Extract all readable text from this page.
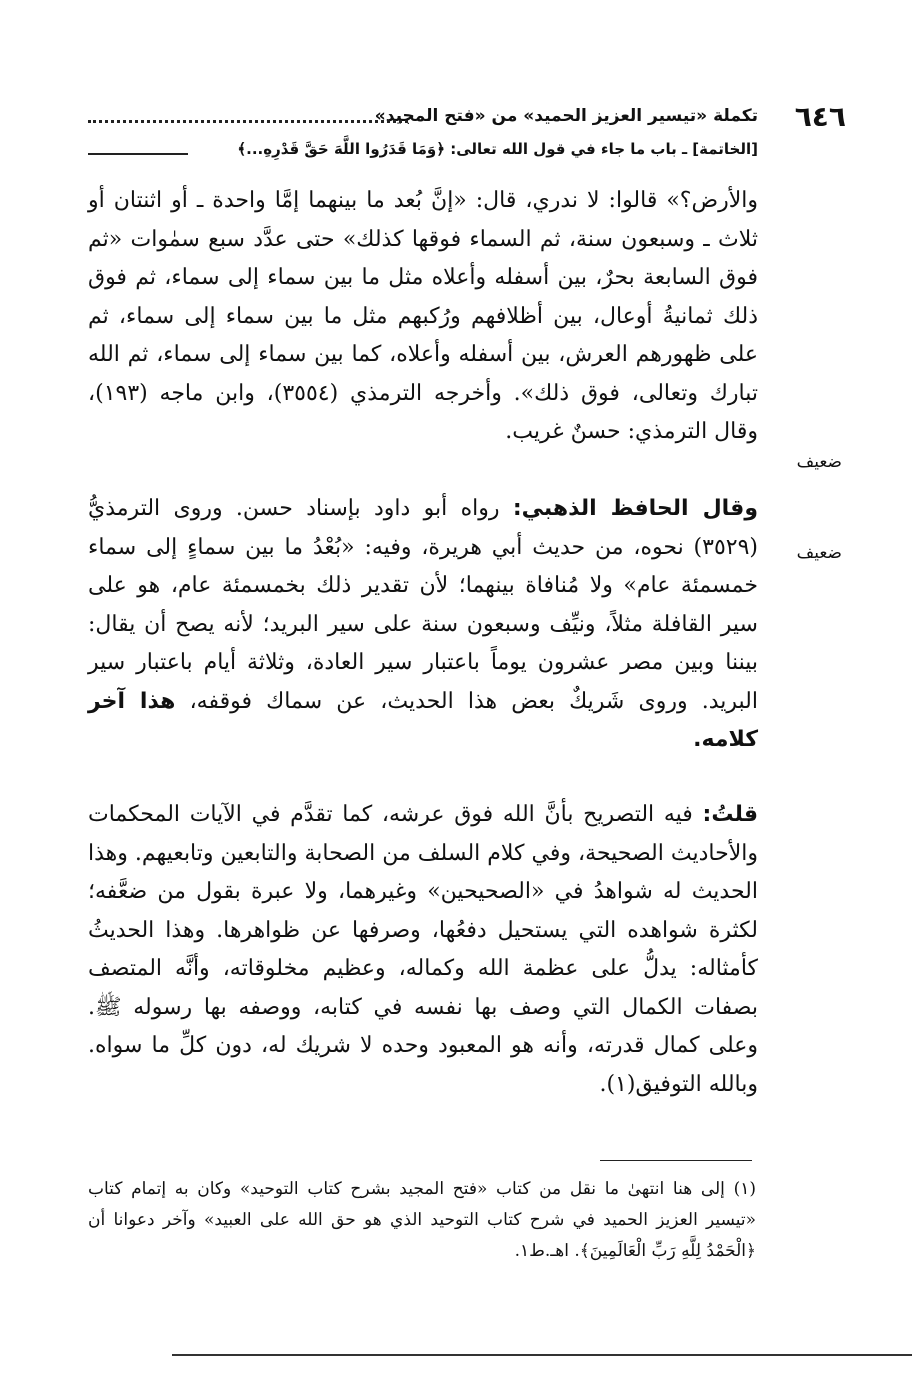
٦٤٦
تكملة «تيسير العزيز الحميد» من «فتح المجيد»
[الخاتمة] ـ باب ما جاء في قول الله تعالى: ﴿وَمَا قَدَرُوا اللَّهَ حَقَّ قَدْرِهِ...﴾
والأرض؟» قالوا: لا ندري، قال: «إنَّ بُعد ما بينهما إمَّا واحدة ـ أو اثنتان أو ثلاث ـ وسبعون سنة، ثم السماء فوقها كذلك» حتى عدَّد سبع سمٰوات «ثم فوق السابعة بحرٌ، بين أسفله وأعلاه مثل ما بين سماء إلى سماء، ثم فوق ذلك ثمانيةُ أوعال، بين أظلافهم ورُكبهم مثل ما بين سماء إلى سماء، ثم على ظهورهم العرش، بين أسفله وأعلاه، كما بين سماء إلى سماء، ثم الله تبارك وتعالى، فوق ذلك». وأخرجه الترمذي (٣٥٥٤)، وابن ماجه (١٩٣)، وقال الترمذي: حسنٌ غريب.
ضعيف
وقال الحافظ الذهبي: رواه أبو داود بإسناد حسن. وروى الترمذيُّ (٣٥٢٩) نحوه، من حديث أبي هريرة، وفيه: «بُعْدُ ما بين سماءٍ إلى سماء خمسمئة عام» ولا مُنافاة بينهما؛ لأن تقدير ذلك بخمسمئة عام، هو على سير القافلة مثلاً، ونيِّف وسبعون سنة على سير البريد؛ لأنه يصح أن يقال: بيننا وبين مصر عشرون يوماً باعتبار سير العادة، وثلاثة أيام باعتبار سير البريد. وروى شَريكٌ بعض هذا الحديث، عن سماك فوقفه، هذا آخر كلامه.
ضعيف
قلتُ: فيه التصريح بأنَّ الله فوق عرشه، كما تقدَّم في الآيات المحكمات والأحاديث الصحيحة، وفي كلام السلف من الصحابة والتابعين وتابعيهم. وهذا الحديث له شواهدُ في «الصحيحين» وغيرهما، ولا عبرة بقول من ضعَّفه؛ لكثرة شواهده التي يستحيل دفعُها، وصرفها عن ظواهرها. وهذا الحديثُ كأمثاله: يدلُّ على عظمة الله وكماله، وعظيم مخلوقاته، وأنَّه المتصف بصفات الكمال التي وصف بها نفسه في كتابه، ووصفه بها رسوله ﷺ. وعلى كمال قدرته، وأنه هو المعبود وحده لا شريك له، دون كلِّ ما سواه. وبالله التوفيق(١).
(١) إلى هنا انتهىٰ ما نقل من كتاب «فتح المجيد بشرح كتاب التوحيد» وكان به إتمام كتاب «تيسير العزيز الحميد في شرح كتاب التوحيد الذي هو حق الله على العبيد» وآخر دعوانا أن ﴿الْحَمْدُ لِلَّهِ رَبِّ الْعَالَمِينَ﴾. اهـ.ط١.
